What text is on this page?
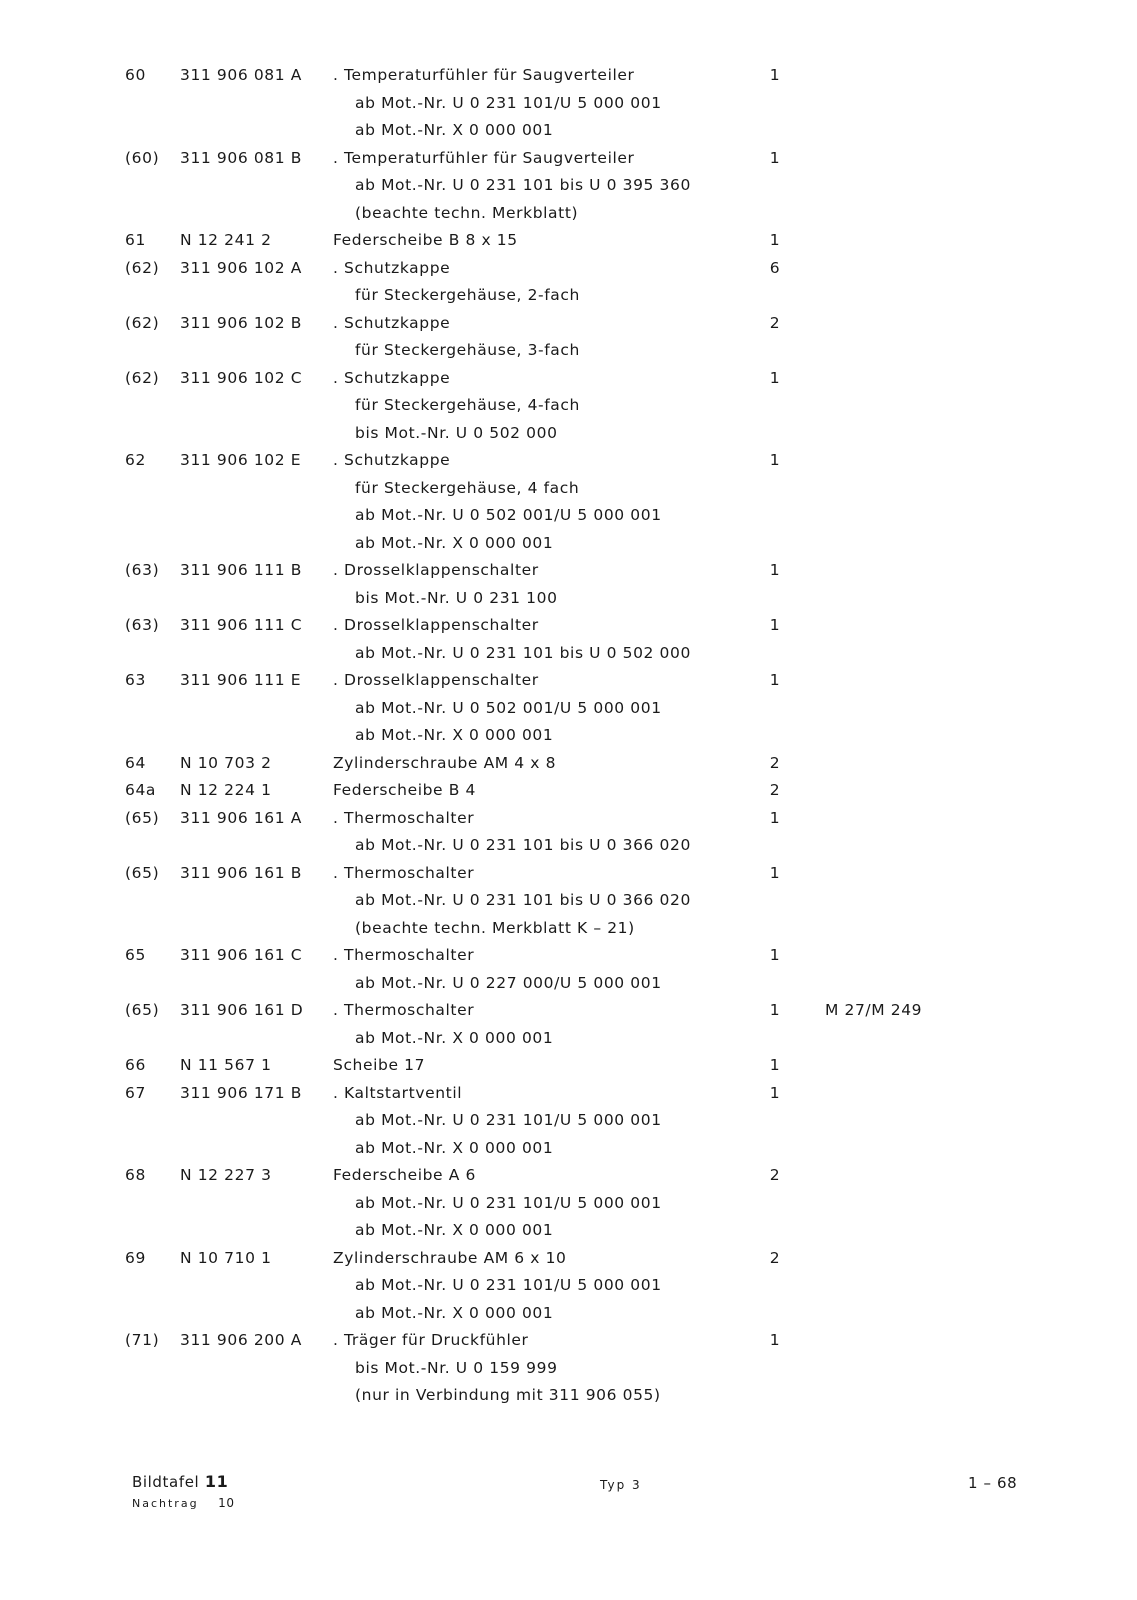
60 311 906 081 A . Temperaturfühler für Saugverteiler	1
ab Mot.-Nr. U 0 231 101/U 5 000 001
ab Mot.-Nr. X 0 000 001
(60) 311 906 081 B . Temperaturfühler für Saugverteiler	1
ab Mot.-Nr. U 0 231 101 bis U 0 395 360
(beachte techn. Merkblatt)
61 N 12 241 2	Federscheibe B 8 x 15	1
(62) 311 906 102 A . Schutzkappe	6
für Steckergehäuse, 2-fach
(62) 311 906 102 B . Schutzkappe	2
für Steckergehäuse, 3-fach
(62) 311 906 102 C . Schutzkappe	1
für Steckergehäuse, 4-fach
bis Mot.-Nr. U 0 502 000
62 311 906 102 E . Schutzkappe	1
für Steckergehäuse, 4 fach
ab Mot.-Nr. U 0 502 001/U 5 000 001
ab Mot.-Nr. X 0 000 001
(63) 311 906 111 B . Drosselklappenschalter	1
bis Mot.-Nr. U 0 231 100
(63) 311 906 111 C . Drosselklappenschalter	1
ab Mot.-Nr. U 0 231 101 bis U 0 502 000
63 311 906 111 E . Drosselklappenschalter	1
ab Mot.-Nr. U 0 502 001/U 5 000 001
ab Mot.-Nr. X 0 000 001
64 N 10 703 2	Zylinderschraube AM 4 x 8	2
64a N 12 224 1	Federscheibe B 4	2
(65) 311 906 161 A . Thermoschalter	1
ab Mot.-Nr. U 0 231 101 bis U 0 366 020
(65) 311 906 161 B . Thermoschalter	1
ab Mot.-Nr. U 0 231 101 bis U 0 366 020
(beachte techn. Merkblatt K – 21)
65 311 906 161 C . Thermoschalter	1
ab Mot.-Nr. U 0 227 000/U 5 000 001
(65) 311 906 161 D . Thermoschalter	1	M 27/M 249
ab Mot.-Nr. X 0 000 001
66 N 11 567 1	Scheibe 17	1
67 311 906 171 B . Kaltstartventil	1
ab Mot.-Nr. U 0 231 101/U 5 000 001
ab Mot.-Nr. X 0 000 001
68 N 12 227 3	Federscheibe A 6	2
ab Mot.-Nr. U 0 231 101/U 5 000 001
ab Mot.-Nr. X 0 000 001
69 N 10 710 1	Zylinderschraube AM 6 x 10	2
ab Mot.-Nr. U 0 231 101/U 5 000 001
ab Mot.-Nr. X 0 000 001
(71) 311 906 200 A . Träger für Druckfühler	1
bis Mot.-Nr. U 0 159 999
(nur in Verbindung mit 311 906 055)
Bildtafel 11
Nachtrag 10
Typ 3	1 – 68
